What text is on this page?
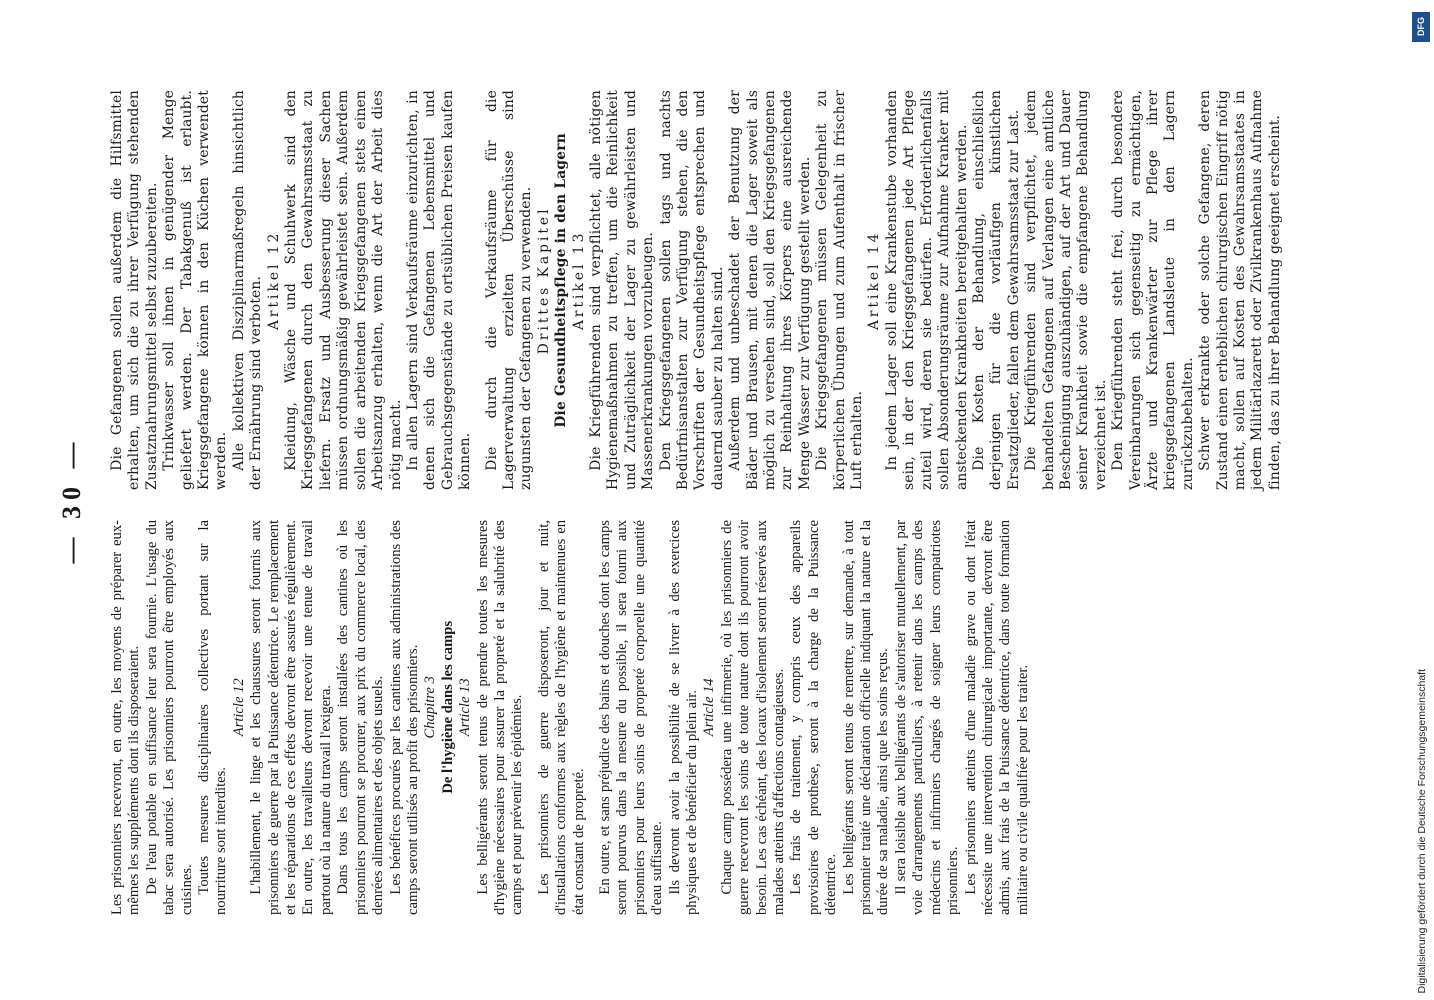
— 30 —

Les prisonniers recevront, en outre, les moyens de préparer eux-mêmes les suppléments dont ils disposeraient. De l'eau potable en suffisance leur sera fournie. L'usage du tabac sera autorisé. Les prisonniers pourront être employés aux cuisines. Toutes mesures disciplinaires collectives portant sur la nourriture sont interdites.

Article 12 L'habillement, le linge et les chaussures seront fournis aux prisonniers de guerre par la Puissance détentrice. Le remplacement et les réparations de ces effets devront être assurés régulièrement. En outre, les travailleurs devront recevoir une tenue de travail partout où la nature du travail l'exigera. Dans tous les camps seront installées des cantines où les prisonniers pourront se procurer, aux prix du commerce local, des denrées alimentaires et des objets usuels. Les bénéfices procurés par les cantines aux administrations des camps seront utilisés au profit des prisonniers. Chapitre 3 De l'hygiène dans les camps Article 13 Les belligérants seront tenus de prendre toutes les mesures d'hygiène nécessaires pour assurer la propreté et la salubrité des camps et pour prévenir les épidémies. Les prisonniers de guerre disposeront, jour et nuit, d'installations conformes aux règles de l'hygiène et maintenues en état constant de propreté. En outre, et sans préjudice des bains et douches dont les camps seront pourvus dans la mesure du possible, il sera fourni aux prisonniers pour leurs soins de propreté corporelle une quantité d'eau suffisante. Ils devront avoir la possibilité de se livrer à des exercices physiques et de bénéficier du plein air. Article 14 Chaque camp possédera une infirmerie, où les prisonniers de guerre recevront les soins de toute nature dont ils pourront avoir besoin. Les cas échéant, des locaux d'isolement seront réservés aux malades atteints d'affections contagieuses. Les frais de traitement, y compris ceux des appareils provisoires de prothèse, seront à la charge de la Puissance détentrice. Les belligérants seront tenus de remettre, sur demande, à tout prisonnier traité une déclaration officielle indiquant la nature et la durée de sa maladie, ainsi que les soins reçus. Il sera loisible aux belligérants de s'autoriser mutuellement, par voie d'arrangements particuliers, à retenir dans les camps des médecins et infirmiers chargés de soigner leurs compatriotes prisonniers. Les prisonniers atteints d'une maladie grave ou dont l'état nécessite une intervention chirurgicale importante, devront être admis, aux frais de la Puissance détentrice, dans toute formation militaire ou civile qualifiée pour les traiter.

Die Gefangenen sollen außerdem die Hilfsmittel erhalten, um sich die zu ihrer Verfügung stehenden Zusatznahrungsmittel selbst zuzubereiten. Trinkwasser soll ihnen in genügender Menge geliefert werden. Der Tabakgenuß ist erlaubt. Kriegsgefangene können in den Küchen verwendet werden. Alle kollektiven Disziplinarmaßregeln hinsichtlich der Ernährung sind verboten. Artikel 12 Kleidung, Wäsche und Schuhwerk sind den Kriegsgefangenen durch den Gewahrsamsstaat zu liefern. Ersatz und Ausbesserung dieser Sachen müssen ordnungsmäßig gewährleistet sein. Außerdem sollen die arbeitenden Kriegsgefangenen stets einen Arbeitsanzug erhalten, wenn die Art der Arbeit dies nötig macht. In allen Lagern sind Verkaufsräume einzurichten, in denen sich die Gefangenen Lebensmittel und Gebrauchsgegenstände zu ortsüblichen Preisen kaufen können. Die durch die Verkaufsräume für die Lagerverwaltung erzielten Überschüsse sind zugunsten der Gefangenen zu verwenden. Drittes Kapitel Die Gesundheitspflege in den Lagern Artikel 13 Die Kriegführenden sind verpflichtet, alle nötigen Hygienemaßnahmen zu treffen, um die Reinlichkeit und Zuträglichkeit der Lager zu gewährleisten und Massenerkrankungen vorzubeugen. Den Kriegsgefangenen sollen tags und nachts Bedürfnisanstalten zur Verfügung stehen, die den Vorschriften der Gesundheitspflege entsprechen und dauernd sauber zu halten sind. Außerdem und unbeschadet der Benutzung der Bäder und Brausen, mit denen die Lager soweit als möglich zu versehen sind, soll den Kriegsgefangenen zur Reinhaltung ihres Körpers eine ausreichende Menge Wasser zur Verfügung gestellt werden. Die Kriegsgefangenen müssen Gelegenheit zu körperlichen Übungen und zum Aufenthalt in frischer Luft erhalten.

Artikel 14 In jedem Lager soll eine Krankenstube vorhanden sein, in der den Kriegsgefangenen jede Art Pflege zuteil wird, deren sie bedürfen. Erforderlichenfalls sollen Absonderungsräume zur Aufnahme Kranker mit ansteckenden Krankheiten bereitgehalten werden. Die Kosten der Behandlung, einschließlich derjenigen für die vorläufigen künstlichen Ersatzglieder, fallen dem Gewahrsamsstaat zur Last. Die Kriegführenden sind verpflichtet, jedem behandelten Gefangenen auf Verlangen eine amtliche Bescheinigung auszuhändigen, auf der Art und Dauer seiner Krankheit sowie die empfangene Behandlung verzeichnet ist. Den Kriegführenden steht frei, durch besondere Vereinbarungen sich gegenseitig zu ermächtigen, Ärzte und Krankenwärter zur Pflege ihrer kriegsgefangenen Landsleute in den Lagern zurückzubehalten. Schwer erkrankte oder solche Gefangene, deren Zustand einen erheblichen chirurgischen Eingriff nötig macht, sollen auf Kosten des Gewahrsamsstaates in jedem Militärlazarett oder Zivilkrankenhaus Aufnahme finden, das zu ihrer Behandlung geeignet erscheint.

DFG
Digitalisierung gefördert durch die Deutsche Forschungsgemeinschaft
